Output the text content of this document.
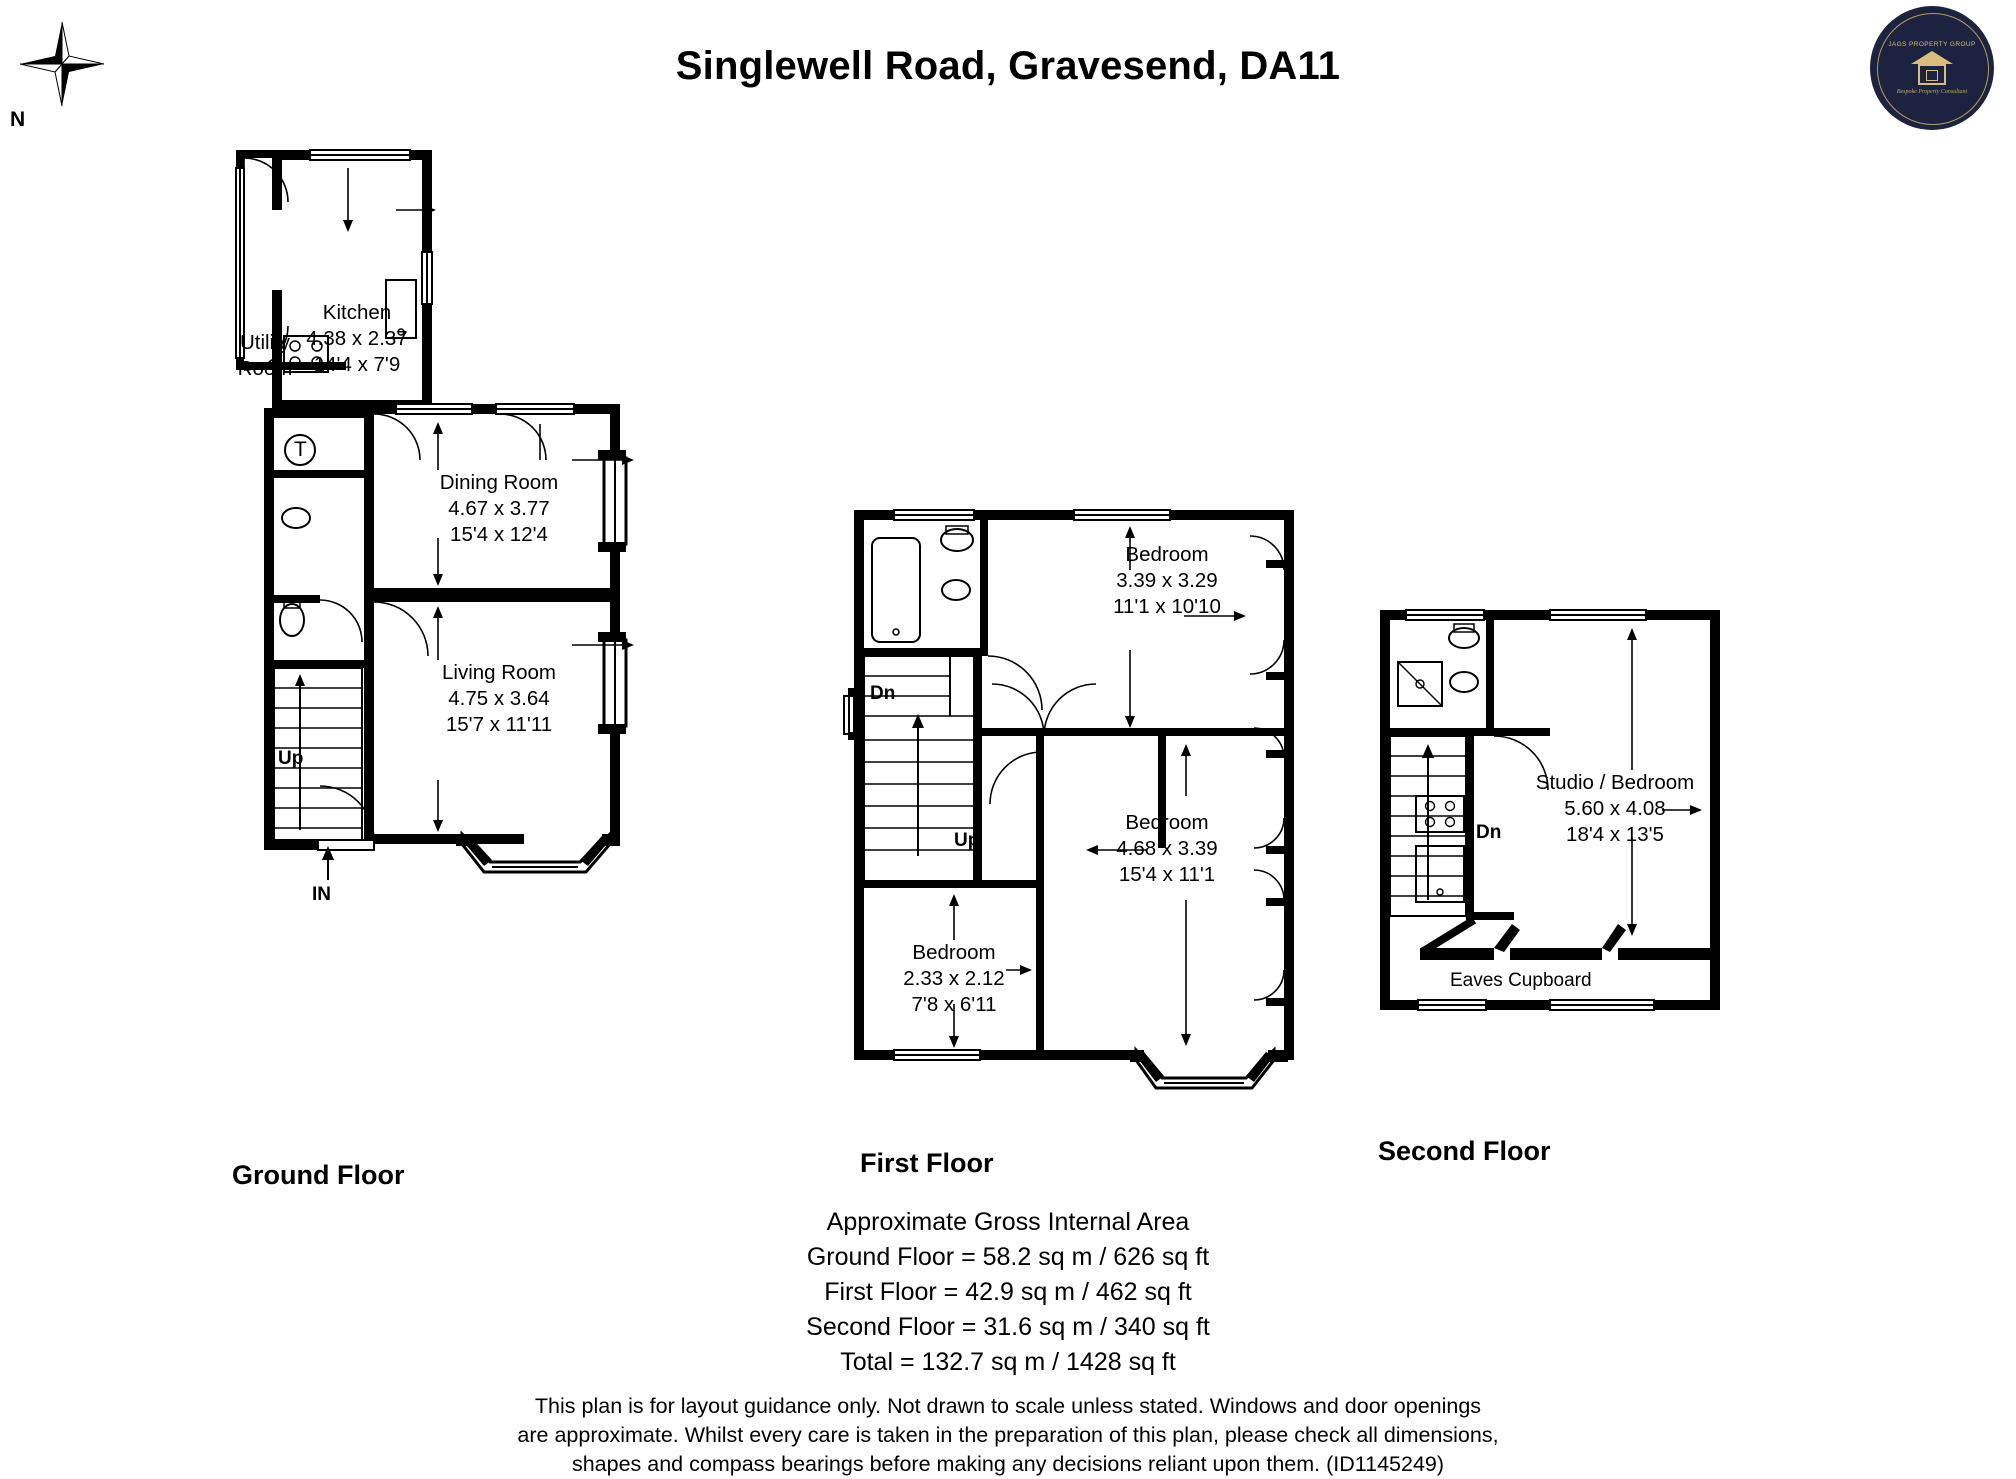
N
JAGS PROPERTY GROUP
Bespoke Property Consultant
Singlewell Road, Gravesend, DA11
Utility
Room
Kitchen
4.38 x 2.37
14'4 x 7'9
Dining Room
4.67 x 3.77
15'4 x 12'4
Living Room
4.75 x 3.64
15'7 x 11'11
T
Up
IN
Ground Floor
Bedroom
3.39 x 3.29
11'1 x 10'10
Bedroom
4.68 x 3.39
15'4 x 11'1
Bedroom
2.33 x 2.12
7'8 x 6'11
Dn
Up
First Floor
Studio / Bedroom
5.60 x 4.08
18'4 x 13'5
Dn
Eaves Cupboard
Second Floor
Approximate Gross Internal Area
Ground Floor = 58.2 sq m / 626 sq ft
First Floor = 42.9 sq m / 462 sq ft
Second Floor = 31.6 sq m / 340 sq ft
Total = 132.7 sq m / 1428 sq ft
This plan is for layout guidance only. Not drawn to scale unless stated. Windows and door openings
are approximate. Whilst every care is taken in the preparation of this plan, please check all dimensions,
shapes and compass bearings before making any decisions reliant upon them. (ID1145249)
